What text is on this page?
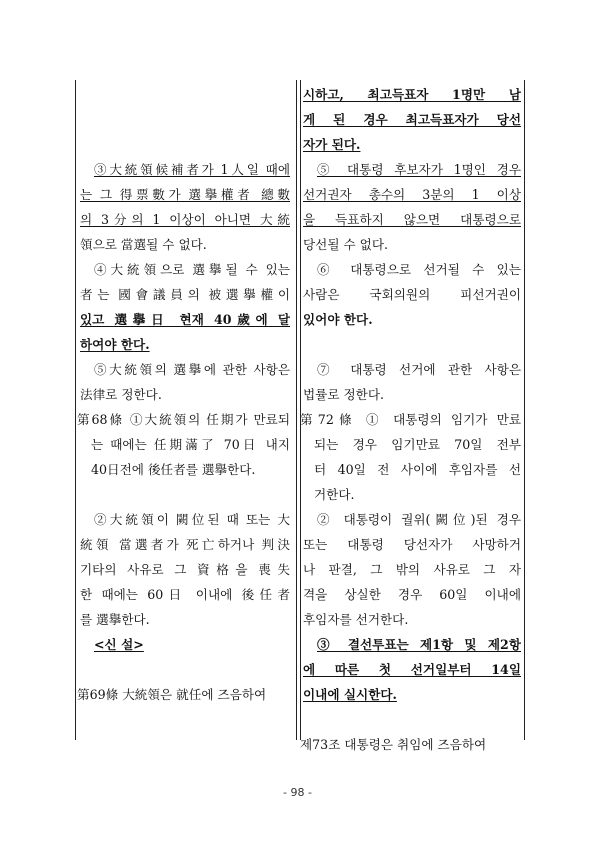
③大統領候補者가 1人일 때에
는 그 得票數가 選擧權者 總數
의 3分의 1 이상이 아니면 大統
領으로 當選될 수 없다.
④大統領으로 選擧될 수 있는
者는 國會議員의 被選擧權이
있고 選擧日 현재 40歲에 달
하여야 한다.
⑤大統領의 選擧에 관한 사항은
法律로 정한다.
第68條 ①大統領의 任期가 만료되
는 때에는 任期滿了 70日 내지
40日전에 後任者를 選擧한다.
②大統領이 闕位된 때 또는 大
統領 當選者가 死亡하거나 判決
기타의 사유로 그 資格을 喪失
한 때에는 60日 이내에 後任者
를 選擧한다.
<신 설>
第69條 大統領은 就任에 즈음하여
시하고, 최고득표자 1명만 남
게 된 경우 최고득표자가 당선
자가 된다.
⑤ 대통령 후보자가 1명인 경우
선거권자 총수의 3분의 1 이상
을 득표하지 않으면 대통령으로
당선될 수 없다.
⑥ 대통령으로 선거될 수 있는
사람은 국회의원의 피선거권이
있어야 한다.
⑦ 대통령 선거에 관한 사항은
법률로 정한다.
第72條 ① 대통령의 임기가 만료
되는 경우 임기만료 70일 전부
터 40일 전 사이에 후임자를 선
거한다.
② 대통령이 궐위(闕位)된 경우
또는 대통령 당선자가 사망하거
나 판결, 그 밖의 사유로 그 자
격을 상실한 경우 60일 이내에
후임자를 선거한다.
③ 결선투표는 제1항 및 제2항
에 따른 첫 선거일부터 14일
이내에 실시한다.
제73조 대통령은 취임에 즈음하여
- 98 -
